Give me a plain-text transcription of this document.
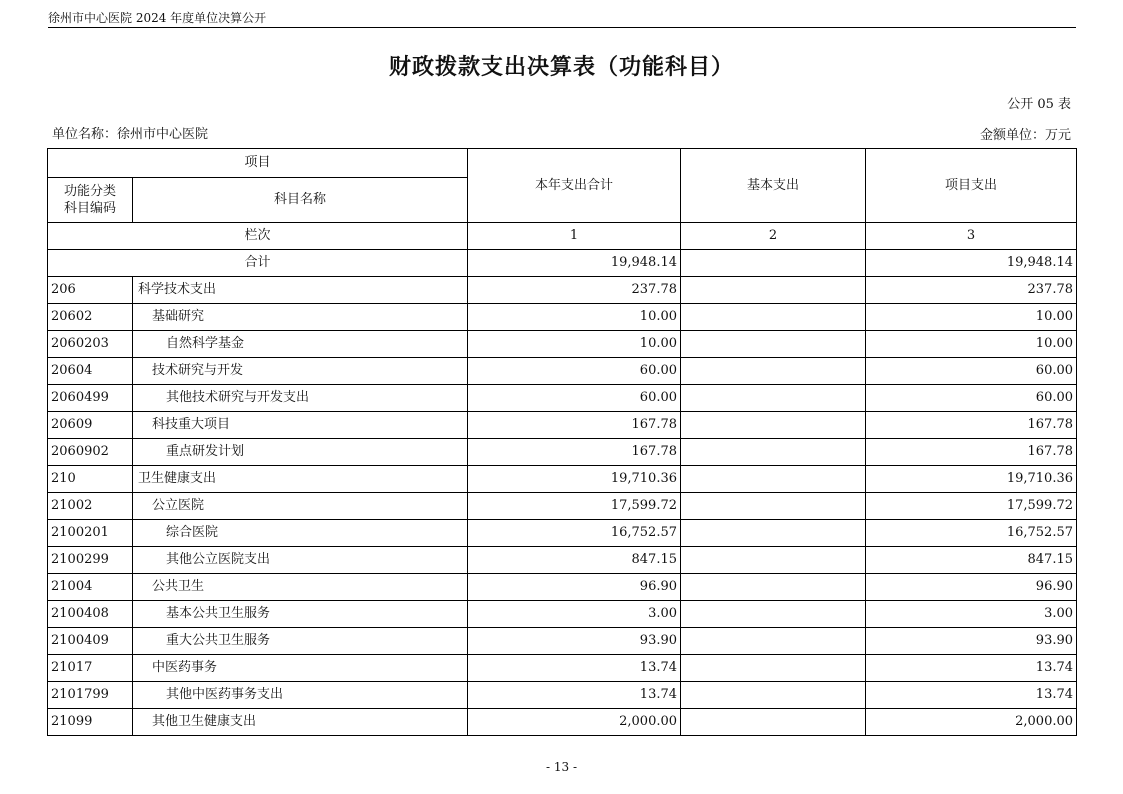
徐州市中心医院 2024 年度单位决算公开
财政拨款支出决算表（功能科目）
公开 05 表
单位名称：徐州市中心医院	金额单位：万元
项目		本年支出合计	基本支出	项目支出

功能分类
科目编码	科目名称			
栏次		1	2	3
合计		19,948.14		19,948.14
206	科学技术支出	237.78		237.78
20602	基础研究	10.00		10.00
2060203	自然科学基金	10.00		10.00
20604	技术研究与开发	60.00		60.00
2060499	其他技术研究与开发支出	60.00		60.00
20609	科技重大项目	167.78		167.78
2060902	重点研发计划	167.78		167.78
210	卫生健康支出	19,710.36		19,710.36
21002	公立医院	17,599.72		17,599.72
2100201	综合医院	16,752.57		16,752.57
2100299	其他公立医院支出	847.15		847.15
21004	公共卫生	96.90		96.90
2100408	基本公共卫生服务	3.00		3.00
2100409	重大公共卫生服务	93.90		93.90
21017	中医药事务	13.74		13.74
2101799	其他中医药事务支出	13.74		13.74
21099	其他卫生健康支出	2,000.00		2,000.00
- 13 -
